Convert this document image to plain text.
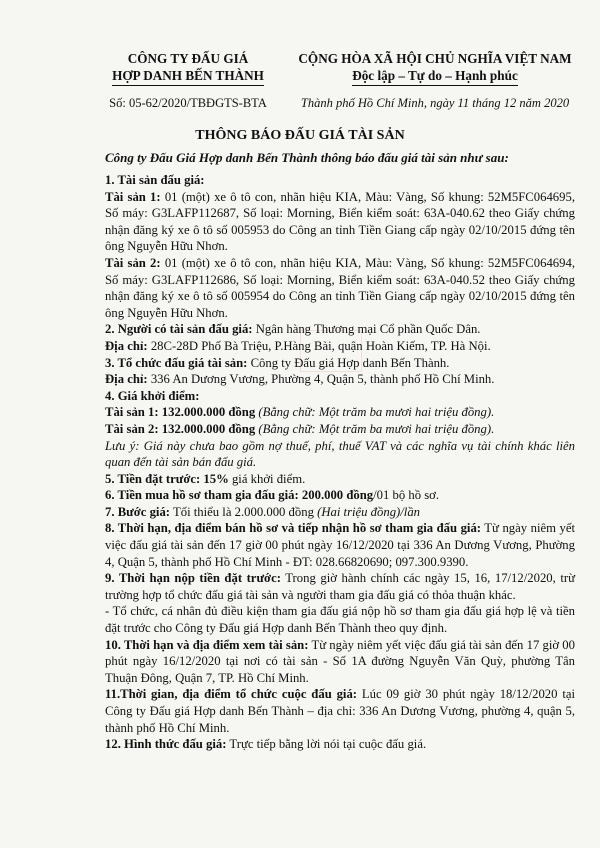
CÔNG TY ĐẤU GIÁ
HỢP DANH BẾN THÀNH
Số: 05-62/2020/TBĐGTS-BTA
CỘNG HÒA XÃ HỘI CHỦ NGHĨA VIỆT NAM
Độc lập – Tự do – Hạnh phúc
Thành phố Hồ Chí Minh, ngày 11 tháng 12 năm 2020
THÔNG BÁO ĐẤU GIÁ TÀI SẢN
Công ty Đấu Giá Hợp danh Bến Thành thông báo đấu giá tài sản như sau:

1. Tài sản đấu giá:

Tài sản 1: 01 (một) xe ô tô con, nhãn hiệu KIA, Màu: Vàng, Số khung: 52M5FC064695, Số máy: G3LAFP112687, Số loại: Morning, Biển kiểm soát: 63A-040.62 theo Giấy chứng nhận đăng ký xe ô tô số 005953 do Công an tỉnh Tiền Giang cấp ngày 02/10/2015 đứng tên ông Nguyễn Hữu Nhơn.

Tài sản 2: 01 (một) xe ô tô con, nhãn hiệu KIA, Màu: Vàng, Số khung: 52M5FC064694, Số máy: G3LAFP112686, Số loại: Morning, Biển kiểm soát: 63A-040.52 theo Giấy chứng nhận đăng ký xe ô tô số 005954 do Công an tỉnh Tiền Giang cấp ngày 02/10/2015 đứng tên ông Nguyễn Hữu Nhơn.

2. Người có tài sản đấu giá: Ngân hàng Thương mại Cổ phần Quốc Dân.

Địa chỉ: 28C-28D Phố Bà Triệu, P.Hàng Bài, quận Hoàn Kiếm, TP. Hà Nội.

3. Tổ chức đấu giá tài sản: Công ty Đấu giá Hợp danh Bến Thành.

Địa chỉ: 336 An Dương Vương, Phường 4, Quận 5, thành phố Hồ Chí Minh.

4. Giá khởi điểm:

Tài sản 1: 132.000.000 đồng (Bằng chữ: Một trăm ba mươi hai triệu đồng).

Tài sản 2: 132.000.000 đồng (Bằng chữ: Một trăm ba mươi hai triệu đồng).

Lưu ý: Giá này chưa bao gồm nợ thuế, phí, thuế VAT và các nghĩa vụ tài chính khác liên quan đến tài sản bán đấu giá.

5. Tiền đặt trước: 15% giá khởi điểm.

6. Tiền mua hồ sơ tham gia đấu giá: 200.000 đồng/01 bộ hồ sơ.

7. Bước giá: Tối thiểu là 2.000.000 đồng (Hai triệu đồng)/lần

8. Thời hạn, địa điểm bán hồ sơ và tiếp nhận hồ sơ tham gia đấu giá: Từ ngày niêm yết việc đấu giá tài sản đến 17 giờ 00 phút ngày 16/12/2020 tại 336 An Dương Vương, Phường 4, Quận 5, thành phố Hồ Chí Minh - ĐT: 028.66820690; 097.300.9390.

9. Thời hạn nộp tiền đặt trước: Trong giờ hành chính các ngày 15, 16, 17/12/2020, trừ trường hợp tổ chức đấu giá tài sản và người tham gia đấu giá có thỏa thuận khác.

- Tổ chức, cá nhân đủ điều kiện tham gia đấu giá nộp hồ sơ tham gia đấu giá hợp lệ và tiền đặt trước cho Công ty Đấu giá Hợp danh Bến Thành theo quy định.

10. Thời hạn và địa điểm xem tài sản: Từ ngày niêm yết việc đấu giá tài sản đến 17 giờ 00 phút ngày 16/12/2020 tại nơi có tài sản - Số 1A đường Nguyễn Văn Quỳ, phường Tân Thuận Đông, Quận 7, TP. Hồ Chí Minh.

11.Thời gian, địa điểm tổ chức cuộc đấu giá: Lúc 09 giờ 30 phút ngày 18/12/2020 tại Công ty Đấu giá Hợp danh Bến Thành – địa chỉ: 336 An Dương Vương, phường 4, quận 5, thành phố Hồ Chí Minh.

12. Hình thức đấu giá: Trực tiếp bằng lời nói tại cuộc đấu giá.
